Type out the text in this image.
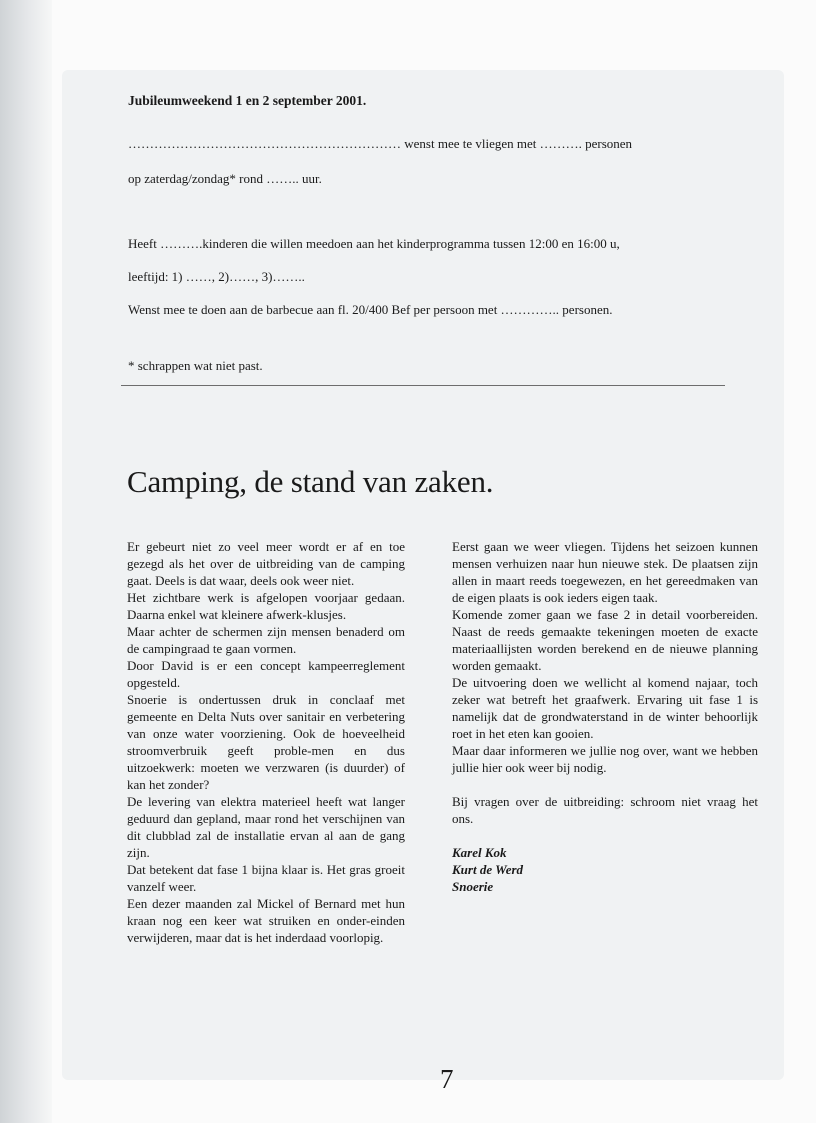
Jubileumweekend 1 en 2 september 2001.
……………………………………………………… wenst mee te vliegen met ………. personen
op zaterdag/zondag* rond …….. uur.
Heeft ……….kinderen die willen meedoen aan het kinderprogramma tussen 12:00 en 16:00 u,
leeftijd: 1) ……, 2)……, 3)……..
Wenst mee te doen aan de barbecue aan fl. 20/400 Bef per persoon met ………….. personen.
* schrappen wat niet past.
Camping, de stand van zaken.

Er gebeurt niet zo veel meer wordt er af en toe gezegd als het over de uitbreiding van de camping gaat. Deels is dat waar, deels ook weer niet.

Het zichtbare werk is afgelopen voorjaar gedaan. Daarna enkel wat kleinere afwerk-klusjes.

Maar achter de schermen zijn mensen benaderd om de campingraad te gaan vormen.

Door David is er een concept kampeerreglement opgesteld.

Snoerie is ondertussen druk in conclaaf met gemeente en Delta Nuts over sanitair en verbetering van onze water voorziening. Ook de hoeveelheid stroomverbruik geeft proble-men en dus uitzoekwerk: moeten we verzwaren (is duurder) of kan het zonder?

De levering van elektra materieel heeft wat langer geduurd dan gepland, maar rond het verschijnen van dit clubblad zal de installatie ervan al aan de gang zijn.

Dat betekent dat fase 1 bijna klaar is. Het gras groeit vanzelf weer.

Een dezer maanden zal Mickel of Bernard met hun kraan nog een keer wat struiken en onder-einden verwijderen, maar dat is het inderdaad voorlopig.

Eerst gaan we weer vliegen. Tijdens het seizoen kunnen mensen verhuizen naar hun nieuwe stek. De plaatsen zijn allen in maart reeds toegewezen, en het gereedmaken van de eigen plaats is ook ieders eigen taak.

Komende zomer gaan we fase 2 in detail voorbereiden. Naast de reeds gemaakte tekeningen moeten de exacte materiaallijsten worden berekend en de nieuwe planning worden gemaakt.

De uitvoering doen we wellicht al komend najaar, toch zeker wat betreft het graafwerk. Ervaring uit fase 1 is namelijk dat de grondwaterstand in de winter behoorlijk roet in het eten kan gooien.

Maar daar informeren we jullie nog over, want we hebben jullie hier ook weer bij nodig.

Bij vragen over de uitbreiding: schroom niet vraag het ons.

Karel Kok

Kurt de Werd

Snoerie

7
